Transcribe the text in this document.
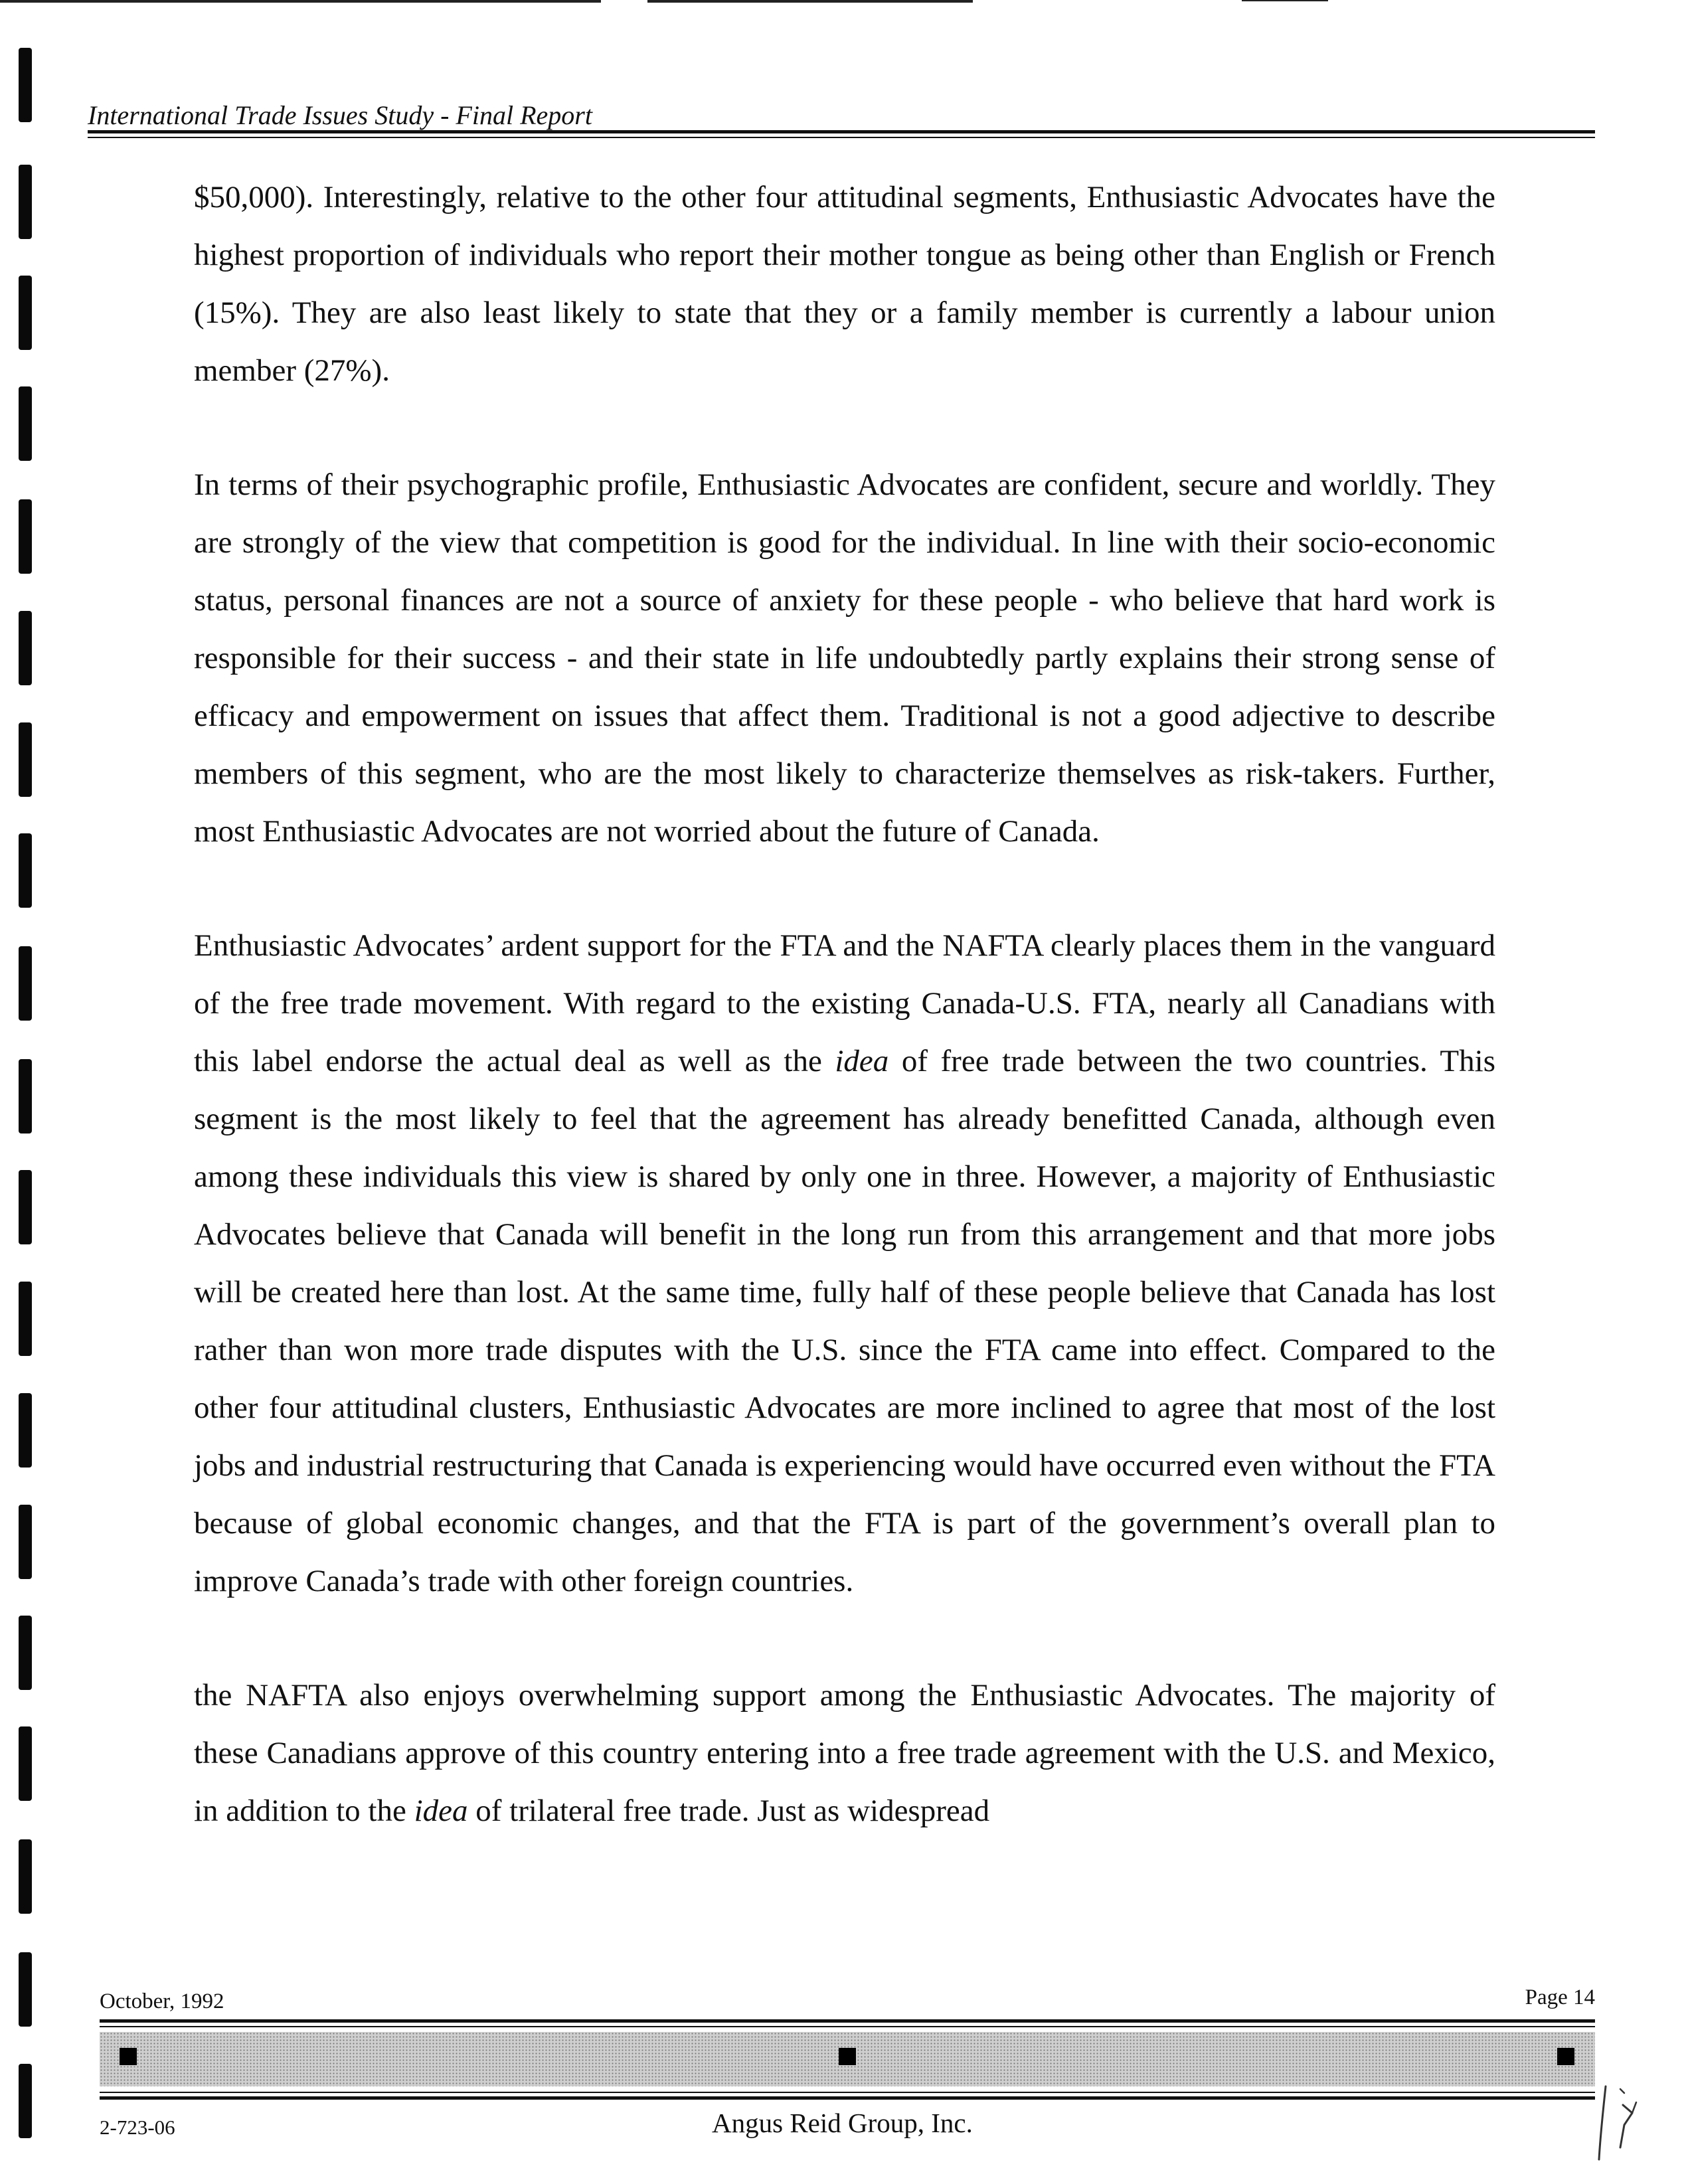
International Trade Issues Study - Final Report

$50,000). Interestingly, relative to the other four attitudinal segments, Enthusiastic Advocates have the highest proportion of individuals who report their mother tongue as being other than English or French (15%). They are also least likely to state that they or a family member is currently a labour union member (27%).

In terms of their psychographic profile, Enthusiastic Advocates are confident, secure and worldly. They are strongly of the view that competition is good for the individual. In line with their socio-economic status, personal finances are not a source of anxiety for these people - who believe that hard work is responsible for their success - and their state in life undoubtedly partly explains their strong sense of efficacy and empowerment on issues that affect them. Traditional is not a good adjective to describe members of this segment, who are the most likely to characterize themselves as risk-takers. Further, most Enthusiastic Advocates are not worried about the future of Canada.

Enthusiastic Advocates’ ardent support for the FTA and the NAFTA clearly places them in the vanguard of the free trade movement. With regard to the existing Canada-U.S. FTA, nearly all Canadians with this label endorse the actual deal as well as the idea of free trade between the two countries. This segment is the most likely to feel that the agreement has already benefitted Canada, although even among these individuals this view is shared by only one in three. However, a majority of Enthusiastic Advocates believe that Canada will benefit in the long run from this arrangement and that more jobs will be created here than lost. At the same time, fully half of these people believe that Canada has lost rather than won more trade disputes with the U.S. since the FTA came into effect. Compared to the other four attitudinal clusters, Enthusiastic Advocates are more inclined to agree that most of the lost jobs and industrial restructuring that Canada is experiencing would have occurred even without the FTA because of global economic changes, and that the FTA is part of the government’s overall plan to improve Canada’s trade with other foreign countries.

the NAFTA also enjoys overwhelming support among the Enthusiastic Advocates. The majority of these Canadians approve of this country entering into a free trade agreement with the U.S. and Mexico, in addition to the idea of trilateral free trade. Just as widespread

October, 1992	Page 14
2-723-06	Angus Reid Group, Inc.
